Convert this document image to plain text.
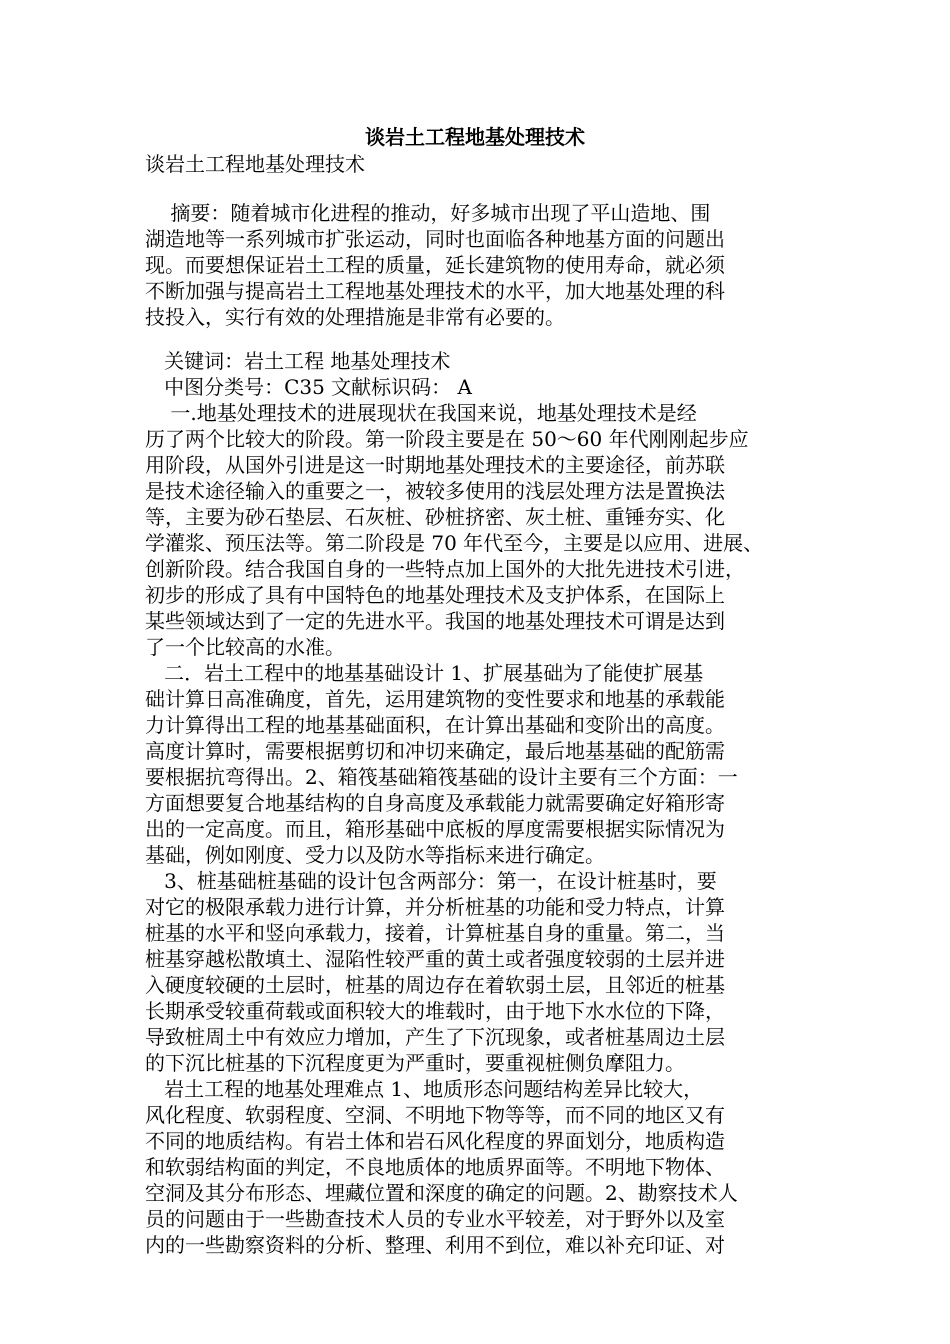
谈岩土工程地基处理技术
谈岩土工程地基处理技术
摘要：随着城市化进程的推动，好多城市出现了平山造地、围
湖造地等一系列城市扩张运动，同时也面临各种地基方面的问题出
现。而要想保证岩土工程的质量，延长建筑物的使用寿命，就必须
不断加强与提高岩土工程地基处理技术的水平，加大地基处理的科
技投入，实行有效的处理措施是非常有必要的。
关键词：岩土工程 地基处理技术
中图分类号：C35 文献标识码： A
一.地基处理技术的进展现状在我国来说，地基处理技术是经
历了两个比较大的阶段。第一阶段主要是在 50～60 年代刚刚起步应
用阶段，从国外引进是这一时期地基处理技术的主要途径，前苏联
是技术途径输入的重要之一，被较多使用的浅层处理方法是置换法
等，主要为砂石垫层、石灰桩、砂桩挤密、灰土桩、重锤夯实、化
学灌浆、预压法等。第二阶段是 70 年代至今，主要是以应用、进展、
创新阶段。结合我国自身的一些特点加上国外的大批先进技术引进，
初步的形成了具有中国特色的地基处理技术及支护体系，在国际上
某些领域达到了一定的先进水平。我国的地基处理技术可谓是达到
了一个比较高的水准。
二．岩土工程中的地基基础设计 1、扩展基础为了能使扩展基
础计算日高准确度，首先，运用建筑物的变性要求和地基的承载能
力计算得出工程的地基基础面积，在计算出基础和变阶出的高度。
高度计算时，需要根据剪切和冲切来确定，最后地基基础的配筋需
要根据抗弯得出。2、箱筏基础箱筏基础的设计主要有三个方面：一
方面想要复合地基结构的自身高度及承载能力就需要确定好箱形寄
出的一定高度。而且，箱形基础中底板的厚度需要根据实际情况为
基础，例如刚度、受力以及防水等指标来进行确定。
3、桩基础桩基础的设计包含两部分：第一，在设计桩基时，要
对它的极限承载力进行计算，并分析桩基的功能和受力特点，计算
桩基的水平和竖向承载力，接着，计算桩基自身的重量。第二，当
桩基穿越松散填土、湿陷性较严重的黄土或者强度较弱的土层并进
入硬度较硬的土层时，桩基的周边存在着软弱土层，且邻近的桩基
长期承受较重荷载或面积较大的堆载时，由于地下水水位的下降，
导致桩周土中有效应力增加，产生了下沉现象，或者桩基周边土层
的下沉比桩基的下沉程度更为严重时，要重视桩侧负摩阻力。
岩土工程的地基处理难点 1、地质形态问题结构差异比较大，
风化程度、软弱程度、空洞、不明地下物等等，而不同的地区又有
不同的地质结构。有岩土体和岩石风化程度的界面划分，地质构造
和软弱结构面的判定，不良地质体的地质界面等。不明地下物体、
空洞及其分布形态、埋藏位置和深度的确定的问题。2、勘察技术人
员的问题由于一些勘查技术人员的专业水平较差，对于野外以及室
内的一些勘察资料的分析、整理、利用不到位，难以补充印证、对
